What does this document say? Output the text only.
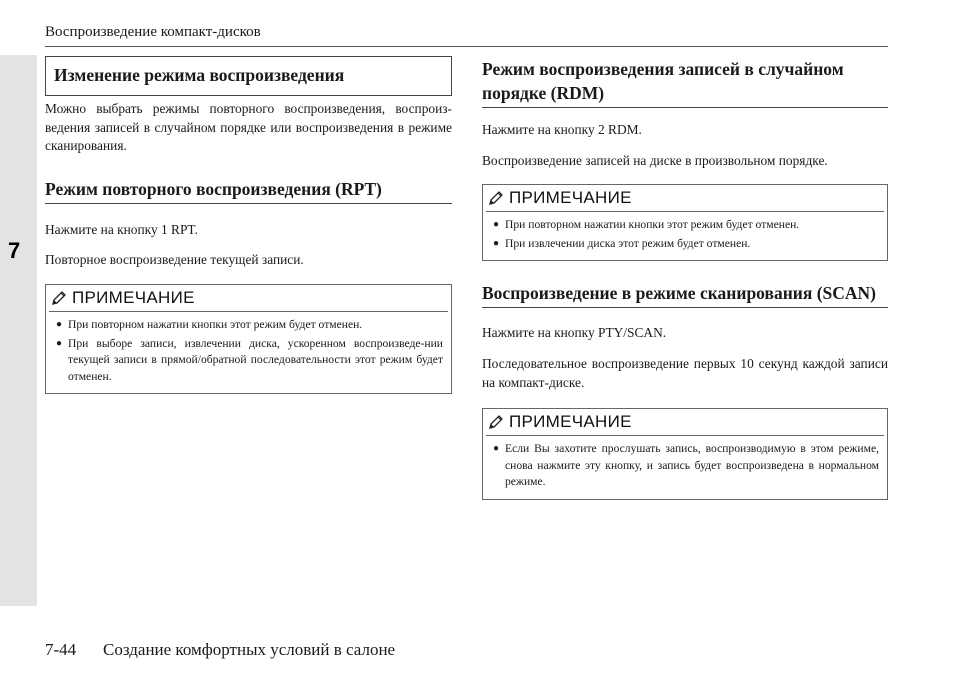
7
Воспроизведение компакт-дисков
Изменение режима воспроизведения

Можно выбрать режимы повторного воспроизведения, воспроиз-ведения записей в случайном порядке или воспроизведения в режиме сканирования.

Режим повторного воспроизведения (RPT)

Нажмите на кнопку 1 RPT.

Повторное воспроизведение текущей записи.

ПРИМЕЧАНИЕ
● При повторном нажатии кнопки этот режим будет отменен.
● При выборе записи, извлечении диска, ускоренном воспроизведе-нии текущей записи в прямой/обратной последовательности этот режим будет отменен.
Режим воспроизведения записей в случайном порядке (RDM)

Нажмите на кнопку 2 RDM.

Воспроизведение записей на диске в произвольном порядке.

ПРИМЕЧАНИЕ
● При повторном нажатии кнопки этот режим будет отменен.
● При извлечении диска этот режим будет отменен.
Воспроизведение в режиме сканирования (SCAN)

Нажмите на кнопку PTY/SCAN.

Последовательное воспроизведение первых 10 секунд каждой записи на компакт-диске.

ПРИМЕЧАНИЕ
● Если Вы захотите прослушать запись, воспроизводимую в этом режиме, снова нажмите эту кнопку, и запись будет воспроизведена в нормальном режиме.
7-44 Создание комфортных условий в салоне
